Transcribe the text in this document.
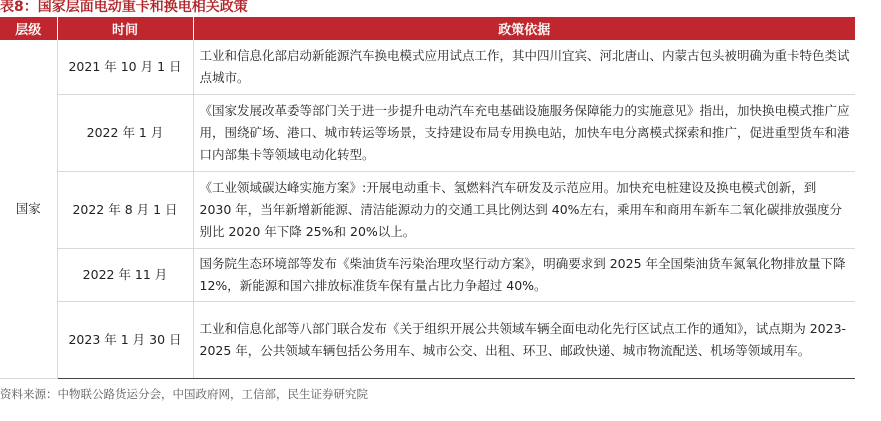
表8：国家层面电动重卡和换电相关政策
层级	时间	政策依据
国家	2021 年 10 月 1 日	工业和信息化部启动新能源汽车换电模式应用试点工作，其中四川宜宾、河北唐山、内蒙古包头被明确为重卡特色类试点城市。
	2022 年 1 月	《国家发展改革委等部门关于进一步提升电动汽车充电基础设施服务保障能力的实施意见》指出，加快换电模式推广应用，围绕矿场、港口、城市转运等场景，支持建设布局专用换电站，加快车电分离模式探索和推广，促进重型货车和港口内部集卡等领域电动化转型。
	2022 年 8 月 1 日	《工业领域碳达峰实施方案》:开展电动重卡、氢燃料汽车研发及示范应用。加快充电桩建设及换电模式创新，到 2030 年，当年新增新能源、清洁能源动力的交通工具比例达到 40%左右，乘用车和商用车新车二氧化碳排放强度分别比 2020 年下降 25%和 20%以上。
	2022 年 11 月	国务院生态环境部等发布《柴油货车污染治理攻坚行动方案》，明确要求到 2025 年全国柴油货车氮氧化物排放量下降 12%，新能源和国六排放标准货车保有量占比力争超过 40%。
	2023 年 1 月 30 日	工业和信息化部等八部门联合发布《关于组织开展公共领域车辆全面电动化先行区试点工作的通知》，试点期为 2023-2025 年，公共领域车辆包括公务用车、城市公交、出租、环卫、邮政快递、城市物流配送、机场等领域用车。
资料来源：中物联公路货运分会，中国政府网，工信部，民生证券研究院
